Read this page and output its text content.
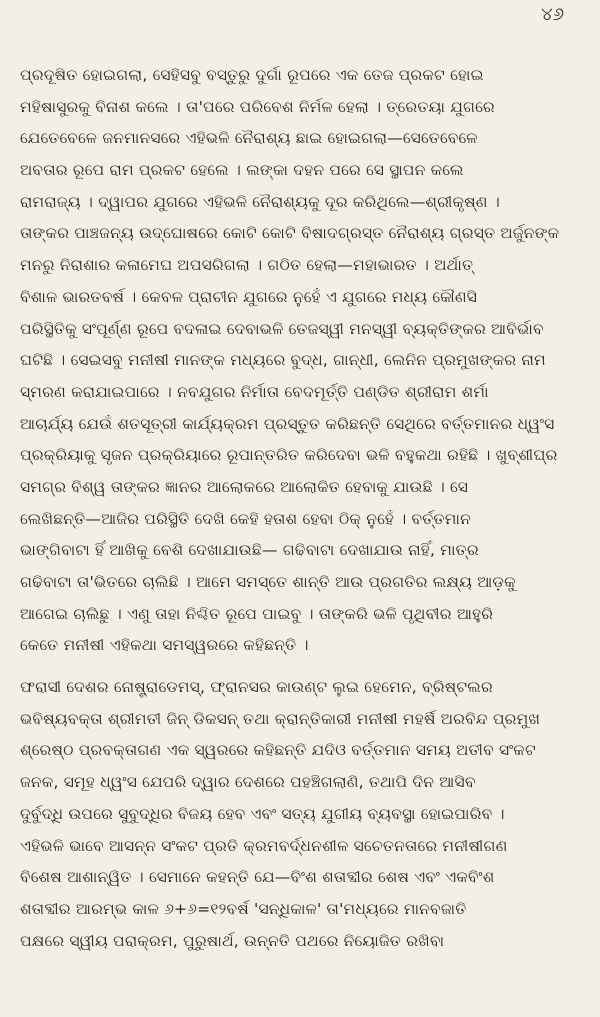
୪୬

ପ୍ରଦୂଷିତ ହୋଇଗଲା, ସେହିସବୁ ବସ୍ତୁରୁ ଦୁର୍ଗା ରୂପରେ ଏକ ତେଜ ପ୍ରକଟ ହୋଇ
ମହିଷାସୁରକୁ ବିନାଶ କଲେ । ତା'ପରେ ପରିବେଶ ନିର୍ମଳ ହେଲା । ତ୍ରେତୟା ଯୁଗରେ
ଯେତେବେଳେ ଜନମାନସରେ ଏହିଭଳି ନୈରାଶ୍ୟ ଛାଇ ହୋଇଗଲା—ସେତେବେଳେ
ଅବତାର ରୂପେ ରାମ ପ୍ରକଟ ହେଲେ । ଲଙ୍କା ଦହନ ପରେ ସେ ସ୍ଥାପନ କଲେ
ରାମରାଜ୍ୟ । ଦ୍ୱାପର ଯୁଗରେ ଏହିଭଳି ନୈରାଶ୍ୟକୁ ଦୂର କରିଥିଲେ—ଶ୍ରୀକୃଷ୍ଣ ।
ତାଙ୍କର ପାଞ୍ଚଜନ୍ୟ ଉଦ୍‌ଘୋଷରେ କୋଟି କୋଟି ବିଷାଦଗ୍ରସ୍ତ ନୈରାଶ୍ୟ ଗ୍ରସ୍ତ ଅର୍ଜୁନଙ୍କ
ମନରୁ ନିରାଶାର କଳାମେଘ ଅପସରିଗଲା । ଗଠିତ ହେଲା—ମହାଭାରତ । ଅର୍ଥାତ୍
ବିଶାଳ ଭାରତବର୍ଷ । କେବଳ ପ୍ରାଚୀନ ଯୁଗରେ ନୁହେଁ ଏ ଯୁଗରେ ମଧ୍ୟ କୌଣସି
ପରିସ୍ଥିତିକୁ ସଂପୂର୍ଣ୍ଣ ରୂପେ ବଦଳାଇ ଦେବାଭଳି ତେଜସ୍ୱୀ ମନସ୍ୱୀ ବ୍ୟକ୍ତିଙ୍କର ଆବିର୍ଭାବ
ଘଟିଛି । ସେଇସବୁ ମନୀଷୀ ମାନଙ୍କ ମଧ୍ୟରେ ବୁଦ୍ଧ, ଗାନ୍ଧୀ, ଲେନିନ ପ୍ରମୁଖଙ୍କର ନାମ
ସ୍ମରଣ କରାଯାଇପାରେ । ନବଯୁଗର ନିର୍ମାତା ବେଦମୂର୍ତ୍ତି ପଣ୍ଡିତ ଶ୍ରୀରାମ ଶର୍ମା
ଆଚାର୍ଯ୍ୟ ଯେଉଁ ଶତସୂତ୍ରୀ କାର୍ଯ୍ୟକ୍ରମ ପ୍ରସ୍ତୁତ କରିଛନ୍ତି ସେଥିରେ ବର୍ତ୍ତମାନର ଧ୍ୱଂସ
ପ୍ରକ୍ରିୟାକୁ ସୃଜନ ପ୍ରକ୍ରିୟାରେ ରୂପାନ୍ତରିତ କରିଦେବା ଭଳି ବହୁକଥା ରହିଛି । ଖୁବ୍‌ଶୀଘ୍ର
ସମଗ୍ର ବିଶ୍ୱ ତାଙ୍କର ଜ୍ଞାନର ଆଲୋକରେ ଆଲୋକିତ ହେବାକୁ ଯାଉଛି । ସେ
ଲେଖିଛନ୍ତି—ଆଜିର ପରିସ୍ଥିତି ଦେଖି କେହି ହତାଶ ହେବା ଠିକ୍ ନୁହେଁ । ବର୍ତ୍ତମାନ
ଭାଙ୍ଗିବାଟା ହିଁ ଆଖିକୁ ବେଶି ଦେଖାଯାଉଛି— ଗଢିବାଟା ଦେଖାଯାଉ ନାହିଁ, ମାତ୍ର
ଗଢିବାଟା ତା'ଭିତରେ ଚାଲିଛି । ଆମେ ସମସ୍ତେ ଶାନ୍ତି ଆଉ ପ୍ରଗତିର ଲକ୍ଷ୍ୟ ଆଡ଼କୁ
ଆଗେଇ ଚାଲିଛୁ । ଏଣୁ ତାହା ନିଶ୍ଚିତ ରୂପେ ପାଇବୁ । ତାଙ୍କରି ଭଳି ପୃଥିବୀର ଆହୁରି
କେତେ ମନୀଷୀ ଏହିକଥା ସମସ୍ୱରରେ କହିଛନ୍ତି ।

ଫରାସୀ ଦେଶର ନୋଷ୍ଟ୍ରାଡେମସ୍, ଫ୍ରାନସର କାଉଣ୍ଟ ଲୁଇ ହେମେନ, ବ୍ରିଷ୍ଟଲର
ଭବିଷ୍ୟବକ୍ତା ଶ୍ରୀମତୀ ଜିନ୍ ଡିକସନ୍ ତଥା କ୍ରାନ୍ତିକାରୀ ମନୀଷୀ ମହର୍ଷି ଅରବିନ୍ଦ ପ୍ରମୁଖ
ଶ୍ରେଷ୍ଠ ପ୍ରବକ୍ତାଗଣ ଏକ ସ୍ୱରରେ କହିଛନ୍ତି ଯଦିଓ ବର୍ତ୍ତମାନ ସମୟ ଅତୀବ ସଂକଟ
ଜନକ, ସମୂହ ଧ୍ୱଂସ ଯେପରି ଦ୍ୱାର ଦେଶରେ ପହଞ୍ଚିଗଲାଣି, ତଥାପି ଦିନ ଆସିବ
ଦୁର୍ବୁଦ୍ଧି ଉପରେ ସୁବୁଦ୍ଧିର ବିଜୟ ହେବ ଏବଂ ସତ୍ୟ ଯୁଗୀୟ ବ୍ୟବସ୍ଥା ହୋଇପାରିବ ।
ଏହିଭଳି ଭାବେ ଆସନ୍ନ ସଂକଟ ପ୍ରତି କ୍ରମବର୍ଦ୍ଧନଶୀଳ ସଚେତନତାରେ ମନୀଷୀଗଣ
ବିଶେଷ ଆଶାନ୍ୱିତ । ସେମାନେ କହନ୍ତି ଯେ—ବିଂଶ ଶତାବ୍ଦୀର ଶେଷ ଏବଂ ଏକବିଂଶ
ଶତାବ୍ଦୀର ଆରମ୍ଭ କାଳ ୬+୬=୧୨ବର୍ଷ 'ସନ୍ଧିକାଳ' ତା'ମଧ୍ୟରେ ମାନବଜାତି
ପକ୍ଷରେ ସ୍ୱୀୟ ପରାକ୍ରମ, ପୁରୁଷାର୍ଥ, ଉନ୍ନତି ପଥରେ ନିୟୋଜିତ ରଖିବା
